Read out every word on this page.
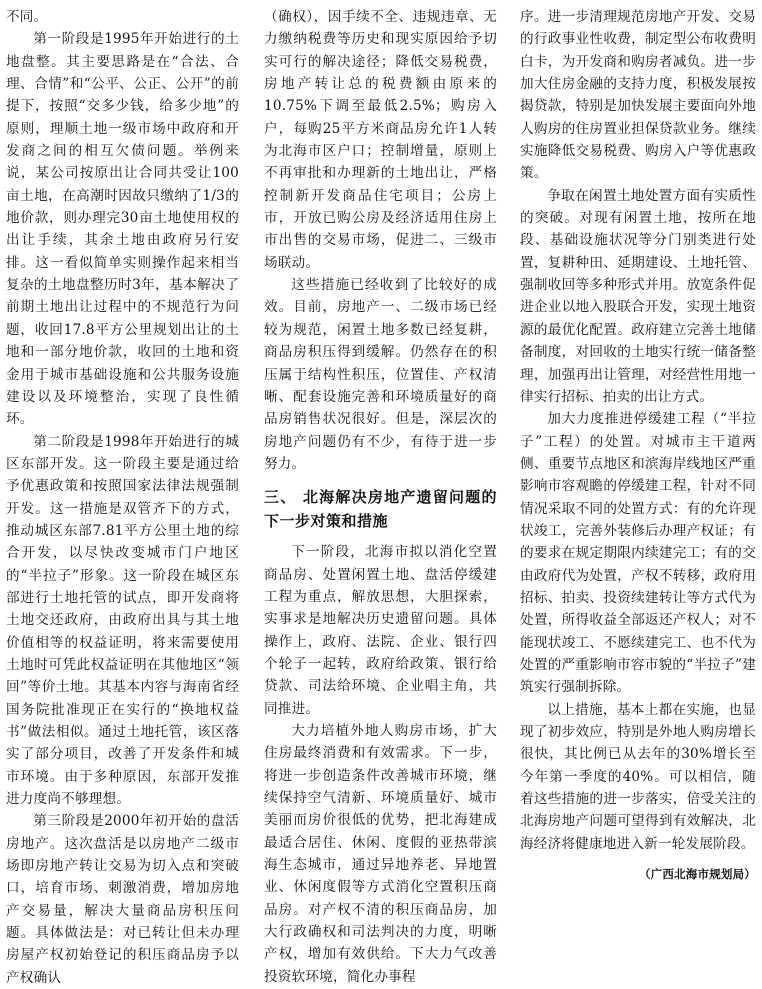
不同。

第一阶段是1995年开始进行的土地盘整。其主要思路是在“合法、合理、合情”和“公平、公正、公开”的前提下，按照“交多少钱，给多少地”的原则，理顺土地一级市场中政府和开发商之间的相互欠债问题。举例来说，某公司按原出让合同共受让100亩土地，在高潮时因故只缴纳了1/3的地价款，则办理完30亩土地使用权的出让手续，其余土地由政府另行安排。这一看似简单实则操作起来相当复杂的土地盘整历时3年，基本解决了前期土地出让过程中的不规范行为问题，收回17.8平方公里规划出让的土地和一部分地价款，收回的土地和资金用于城市基础设施和公共服务设施建设以及环境整治，实现了良性循环。

第二阶段是1998年开始进行的城区东部开发。这一阶段主要是通过给予优惠政策和按照国家法律法规强制开发。这一措施是双管齐下的方式，推动城区东部7.81平方公里土地的综合开发，以尽快改变城市门户地区的“半拉子”形象。这一阶段在城区东部进行土地托管的试点，即开发商将土地交还政府，由政府出具与其土地价值相等的权益证明，将来需要使用土地时可凭此权益证明在其他地区“领回”等价土地。其基本内容与海南省经国务院批准现正在实行的“换地权益书”做法相似。通过土地托管，该区落实了部分项目，改善了开发条件和城市环境。由于多种原因，东部开发推进力度尚不够理想。

第三阶段是2000年初开始的盘活房地产。这次盘活是以房地产二级市场即房地产转让交易为切入点和突破口，培育市场、刺激消费，增加房地产交易量，解决大量商品房积压问题。具体做法是：对已转让但未办理房屋产权初始登记的积压商品房予以产权确认

（确权），因手续不全、违规违章、无力缴纳税费等历史和现实原因给予切实可行的解决途径；降低交易税费，房地产转让总的税费额由原来的10.75%下调至最低2.5%；购房入户，每购25平方米商品房允许1人转为北海市区户口；控制增量，原则上不再审批和办理新的土地出让，严格控制新开发商品住宅项目；公房上市，开放已购公房及经济适用住房上市出售的交易市场，促进二、三级市场联动。

这些措施已经收到了比较好的成效。目前，房地产一、二级市场已经较为规范，闲置土地多数已经复耕，商品房积压得到缓解。仍然存在的积压属于结构性积压，位置佳、产权清晰、配套设施完善和环境质量好的商品房销售状况很好。但是，深层次的房地产问题仍有不少，有待于进一步努力。

三、 北海解决房地产遗留问题的下一步对策和措施

下一阶段，北海市拟以消化空置商品房、处置闲置土地、盘活停缓建工程为重点，解放思想，大胆探索，实事求是地解决历史遗留问题。具体操作上，政府、法院、企业、银行四个轮子一起转，政府给政策、银行给贷款、司法给环境、企业唱主角，共同推进。

大力培植外地人购房市场，扩大住房最终消费和有效需求。下一步，将进一步创造条件改善城市环境，继续保持空气清新、环境质量好、城市美丽而房价很低的优势，把北海建成最适合居住、休闲、度假的亚热带滨海生态城市，通过异地养老、异地置业、休闲度假等方式消化空置积压商品房。对产权不清的积压商品房，加大行政确权和司法判决的力度，明晰产权，增加有效供给。下大力气改善投资软环境，简化办事程

序。进一步清理规范房地产开发、交易的行政事业性收费，制定型公布收费明白卡，为开发商和购房者减负。进一步加大住房金融的支持力度，积极发展按揭贷款，特别是加快发展主要面向外地人购房的住房置业担保贷款业务。继续实施降低交易税费、购房入户等优惠政策。

争取在闲置土地处置方面有实质性的突破。对现有闲置土地，按所在地段、基础设施状况等分门别类进行处置，复耕种田、延期建设、土地托管、强制收回等多种形式并用。放宽条件促进企业以地入股联合开发，实现土地资源的最优化配置。政府建立完善土地储备制度，对回收的土地实行统一储备整理，加强再出让管理，对经营性用地一律实行招标、拍卖的出让方式。

加大力度推进停缓建工程（“半拉子”工程）的处置。对城市主干道两侧、重要节点地区和滨海岸线地区严重影响市容观瞻的停缓建工程，针对不同情况采取不同的处置方式：有的允许现状竣工，完善外装修后办理产权证；有的要求在规定期限内续建完工；有的交由政府代为处置，产权不转移，政府用招标、拍卖、投资续建转让等方式代为处置，所得收益全部返还产权人；对不能现状竣工、不愿续建完工、也不代为处置的严重影响市容市貌的“半拉子”建筑实行强制拆除。

以上措施，基本上都在实施，也显现了初步效应，特别是外地人购房增长很快，其比例已从去年的30%增长至今年第一季度的40%。可以相信，随着这些措施的进一步落实，倍受关注的北海房地产问题可望得到有效解决，北海经济将健康地进入新一轮发展阶段。

（广西北海市规划局）
